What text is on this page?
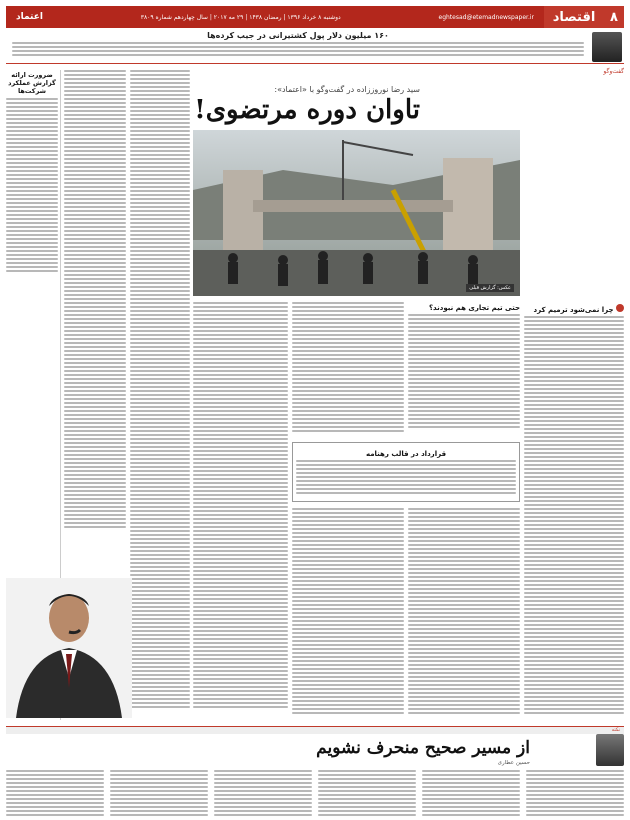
۸
اقتصاد
اعتماد	دوشنبه ۸ خرداد ۱۳۹۶ | رمضان ۱۴۳۸ | ۲۹ مه ۲۰۱۷ | سال چهاردهم شماره ۳۸۰۹	eghtesad@etemadnewspaper.ir
۱۶۰ میلیون دلار پول کشتیرانی در جیب کرده‌ها
گفت‌وگو
سید رضا نوروززاده در گفت‌وگو با «اعتماد»:
تاوان دوره مرتضوی!
عکس: گزارش قبلی
ضرورت ارائه گزارش عملکرد شرکت‌ها
حتی تیم تجاری هم نبودند؟
قرارداد در قالب رهنامه
چرا نمی‌شود ترمیم کرد
نکته
از مسیر صحیح منحرف نشویم
حسین عطاری
